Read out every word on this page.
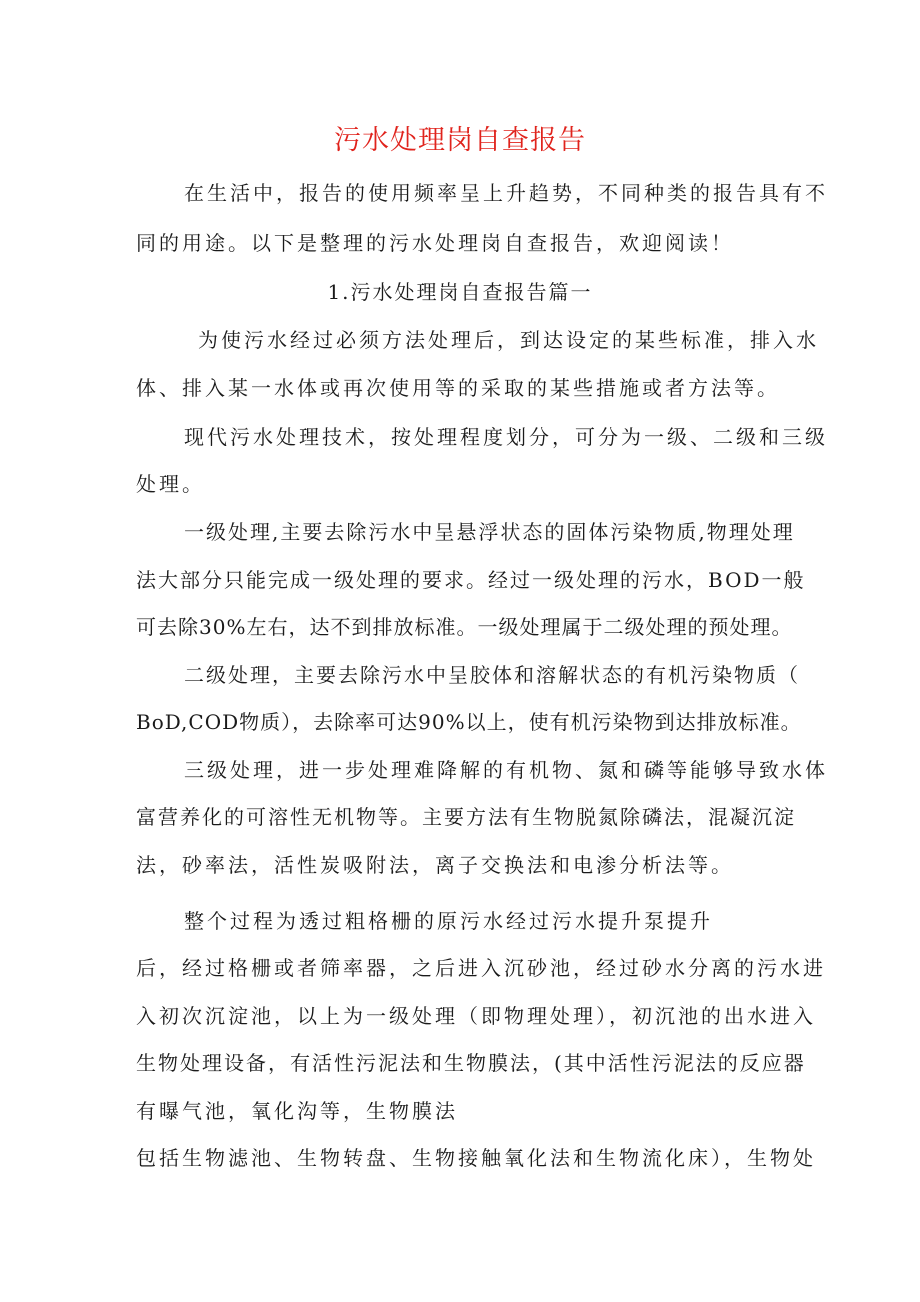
污水处理岗自查报告
在生活中，报告的使用频率呈上升趋势，不同种类的报告具有不
同的用途。以下是整理的污水处理岗自查报告，欢迎阅读！
1.污水处理岗自查报告篇一
为使污水经过必须方法处理后，到达设定的某些标准，排入水
体、排入某一水体或再次使用等的采取的某些措施或者方法等。
现代污水处理技术，按处理程度划分，可分为一级、二级和三级
处理。
一级处理,主要去除污水中呈悬浮状态的固体污染物质,物理处理
法大部分只能完成一级处理的要求。经过一级处理的污水，BOD一般
可去除30%左右，达不到排放标准。一级处理属于二级处理的预处理。
二级处理，主要去除污水中呈胶体和溶解状态的有机污染物质（
BoD,COD物质），去除率可达90%以上，使有机污染物到达排放标准。
三级处理，进一步处理难降解的有机物、氮和磷等能够导致水体
富营养化的可溶性无机物等。主要方法有生物脱氮除磷法，混凝沉淀
法，砂率法，活性炭吸附法，离子交换法和电渗分析法等。
整个过程为透过粗格栅的原污水经过污水提升泵提升
后，经过格栅或者筛率器，之后进入沉砂池，经过砂水分离的污水进
入初次沉淀池，以上为一级处理（即物理处理），初沉池的出水进入
生物处理设备，有活性污泥法和生物膜法，(其中活性污泥法的反应器
有曝气池，氧化沟等，生物膜法
包括生物滤池、生物转盘、生物接触氧化法和生物流化床），生物处
